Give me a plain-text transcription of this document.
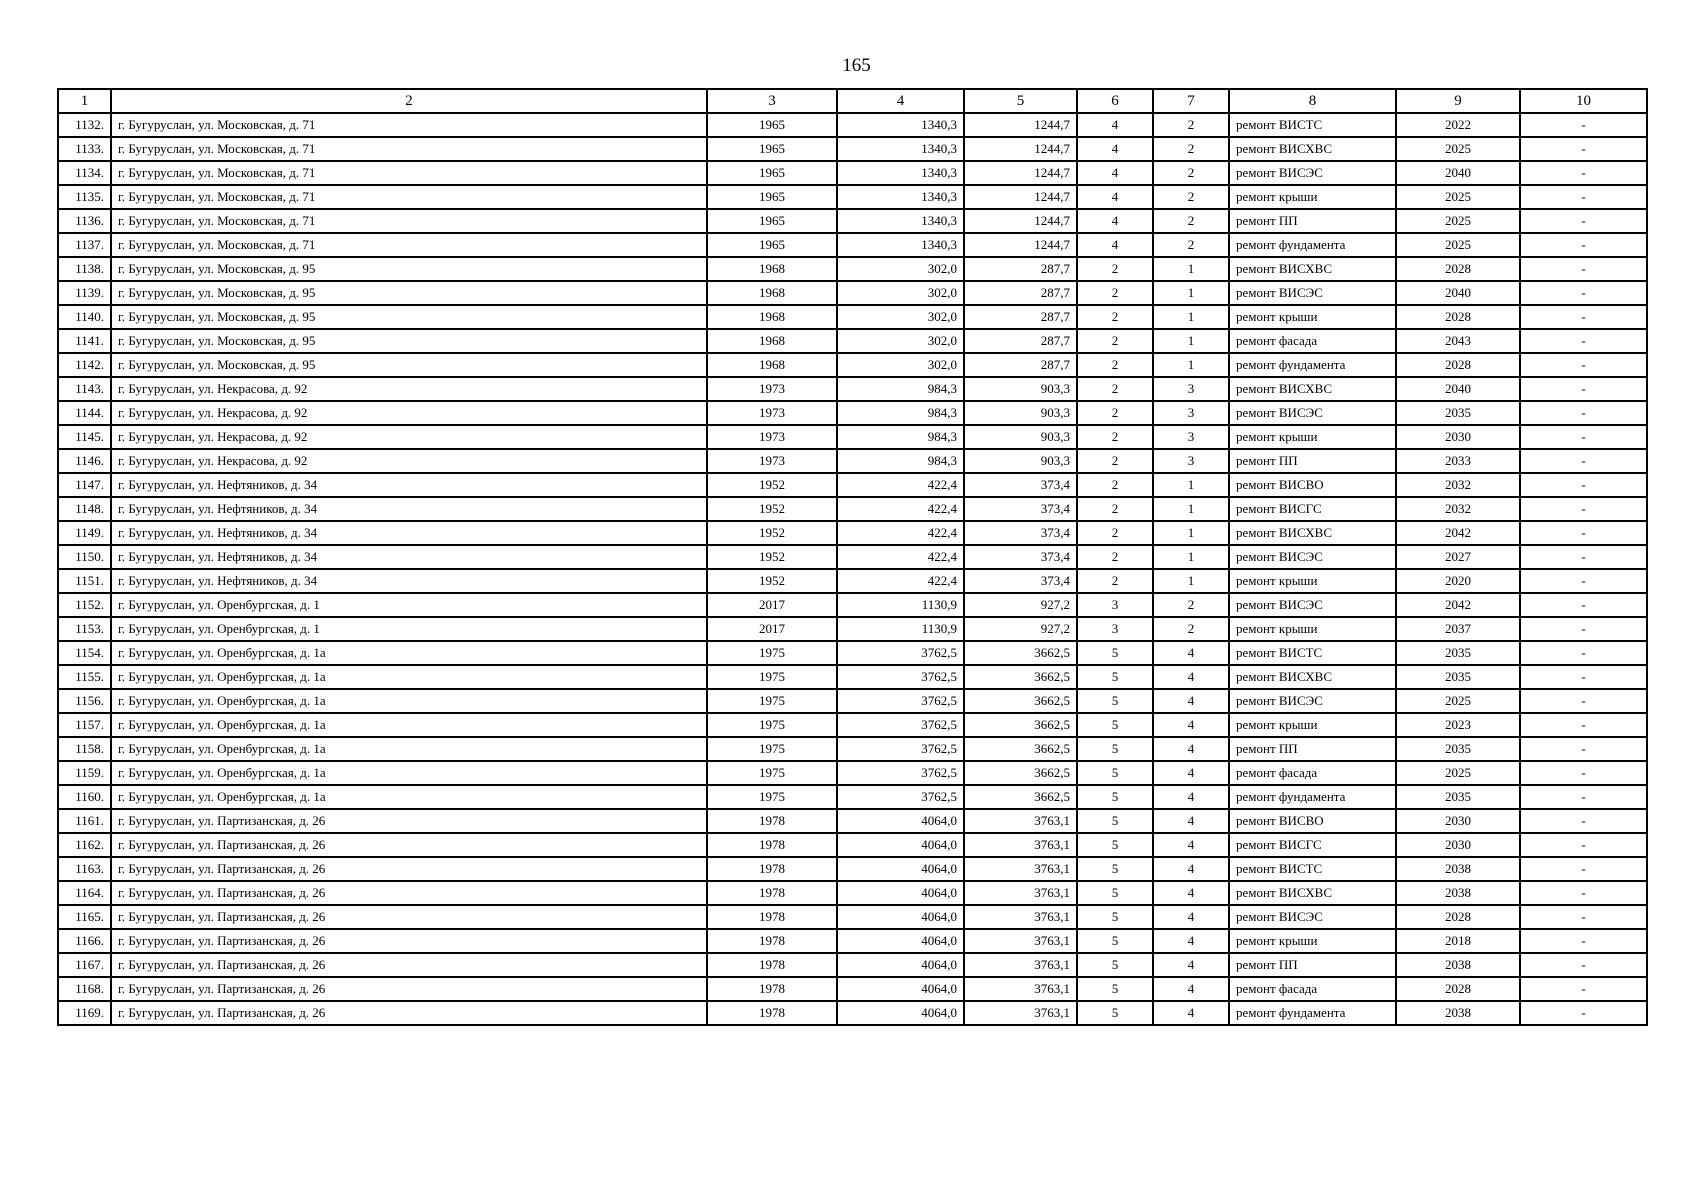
165
1	2	3	4	5	6	7	8	9	10
1132.	г. Бугуруслан, ул. Московская, д. 71	1965	1340,3	1244,7	4	2	ремонт ВИСТС	2022	-
1133.	г. Бугуруслан, ул. Московская, д. 71	1965	1340,3	1244,7	4	2	ремонт ВИСХВС	2025	-
1134.	г. Бугуруслан, ул. Московская, д. 71	1965	1340,3	1244,7	4	2	ремонт ВИСЭС	2040	-
1135.	г. Бугуруслан, ул. Московская, д. 71	1965	1340,3	1244,7	4	2	ремонт крыши	2025	-
1136.	г. Бугуруслан, ул. Московская, д. 71	1965	1340,3	1244,7	4	2	ремонт ПП	2025	-
1137.	г. Бугуруслан, ул. Московская, д. 71	1965	1340,3	1244,7	4	2	ремонт фундамента	2025	-
1138.	г. Бугуруслан, ул. Московская, д. 95	1968	302,0	287,7	2	1	ремонт ВИСХВС	2028	-
1139.	г. Бугуруслан, ул. Московская, д. 95	1968	302,0	287,7	2	1	ремонт ВИСЭС	2040	-
1140.	г. Бугуруслан, ул. Московская, д. 95	1968	302,0	287,7	2	1	ремонт крыши	2028	-
1141.	г. Бугуруслан, ул. Московская, д. 95	1968	302,0	287,7	2	1	ремонт фасада	2043	-
1142.	г. Бугуруслан, ул. Московская, д. 95	1968	302,0	287,7	2	1	ремонт фундамента	2028	-
1143.	г. Бугуруслан, ул. Некрасова, д. 92	1973	984,3	903,3	2	3	ремонт ВИСХВС	2040	-
1144.	г. Бугуруслан, ул. Некрасова, д. 92	1973	984,3	903,3	2	3	ремонт ВИСЭС	2035	-
1145.	г. Бугуруслан, ул. Некрасова, д. 92	1973	984,3	903,3	2	3	ремонт крыши	2030	-
1146.	г. Бугуруслан, ул. Некрасова, д. 92	1973	984,3	903,3	2	3	ремонт ПП	2033	-
1147.	г. Бугуруслан, ул. Нефтяников, д. 34	1952	422,4	373,4	2	1	ремонт ВИСВО	2032	-
1148.	г. Бугуруслан, ул. Нефтяников, д. 34	1952	422,4	373,4	2	1	ремонт ВИСГС	2032	-
1149.	г. Бугуруслан, ул. Нефтяников, д. 34	1952	422,4	373,4	2	1	ремонт ВИСХВС	2042	-
1150.	г. Бугуруслан, ул. Нефтяников, д. 34	1952	422,4	373,4	2	1	ремонт ВИСЭС	2027	-
1151.	г. Бугуруслан, ул. Нефтяников, д. 34	1952	422,4	373,4	2	1	ремонт крыши	2020	-
1152.	г. Бугуруслан, ул. Оренбургская, д. 1	2017	1130,9	927,2	3	2	ремонт ВИСЭС	2042	-
1153.	г. Бугуруслан, ул. Оренбургская, д. 1	2017	1130,9	927,2	3	2	ремонт крыши	2037	-
1154.	г. Бугуруслан, ул. Оренбургская, д. 1а	1975	3762,5	3662,5	5	4	ремонт ВИСТС	2035	-
1155.	г. Бугуруслан, ул. Оренбургская, д. 1а	1975	3762,5	3662,5	5	4	ремонт ВИСХВС	2035	-
1156.	г. Бугуруслан, ул. Оренбургская, д. 1а	1975	3762,5	3662,5	5	4	ремонт ВИСЭС	2025	-
1157.	г. Бугуруслан, ул. Оренбургская, д. 1а	1975	3762,5	3662,5	5	4	ремонт крыши	2023	-
1158.	г. Бугуруслан, ул. Оренбургская, д. 1а	1975	3762,5	3662,5	5	4	ремонт ПП	2035	-
1159.	г. Бугуруслан, ул. Оренбургская, д. 1а	1975	3762,5	3662,5	5	4	ремонт фасада	2025	-
1160.	г. Бугуруслан, ул. Оренбургская, д. 1а	1975	3762,5	3662,5	5	4	ремонт фундамента	2035	-
1161.	г. Бугуруслан, ул. Партизанская, д. 26	1978	4064,0	3763,1	5	4	ремонт ВИСВО	2030	-
1162.	г. Бугуруслан, ул. Партизанская, д. 26	1978	4064,0	3763,1	5	4	ремонт ВИСГС	2030	-
1163.	г. Бугуруслан, ул. Партизанская, д. 26	1978	4064,0	3763,1	5	4	ремонт ВИСТС	2038	-
1164.	г. Бугуруслан, ул. Партизанская, д. 26	1978	4064,0	3763,1	5	4	ремонт ВИСХВС	2038	-
1165.	г. Бугуруслан, ул. Партизанская, д. 26	1978	4064,0	3763,1	5	4	ремонт ВИСЭС	2028	-
1166.	г. Бугуруслан, ул. Партизанская, д. 26	1978	4064,0	3763,1	5	4	ремонт крыши	2018	-
1167.	г. Бугуруслан, ул. Партизанская, д. 26	1978	4064,0	3763,1	5	4	ремонт ПП	2038	-
1168.	г. Бугуруслан, ул. Партизанская, д. 26	1978	4064,0	3763,1	5	4	ремонт фасада	2028	-
1169.	г. Бугуруслан, ул. Партизанская, д. 26	1978	4064,0	3763,1	5	4	ремонт фундамента	2038	-
